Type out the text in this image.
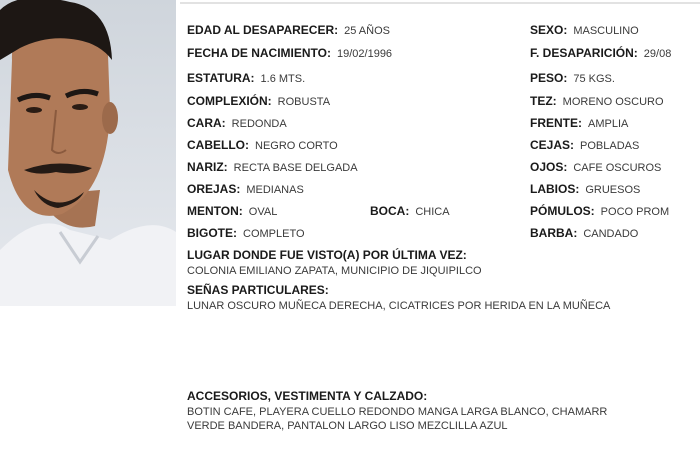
EDAD AL DESAPARECER: 25 AÑOS	SEXO: MASCULINO
FECHA DE NACIMIENTO: 19/02/1996	F. DESAPARICIÓN: 29/08
ESTATURA: 1.6 MTS.	PESO: 75 KGS.
COMPLEXIÓN: ROBUSTA	TEZ: MORENO OSCURO
CARA: REDONDA	FRENTE: AMPLIA
CABELLO: NEGRO CORTO	CEJAS: POBLADAS
NARIZ: RECTA BASE DELGADA	OJOS: CAFE OSCUROS
OREJAS: MEDIANAS	LABIOS: GRUESOS
MENTON: OVAL	BOCA: CHICA	PÓMULOS: POCO PROM
BIGOTE: COMPLETO	BARBA: CANDADO
LUGAR DONDE FUE VISTO(A) POR ÚLTIMA VEZ:
COLONIA EMILIANO ZAPATA, MUNICIPIO DE JIQUIPILCO
SEÑAS PARTICULARES:
LUNAR OSCURO MUÑECA DERECHA, CICATRICES POR HERIDA EN LA MUÑECA
ACCESORIOS, VESTIMENTA Y CALZADO:
BOTIN CAFE, PLAYERA CUELLO REDONDO MANGA LARGA BLANCO, CHAMARR
VERDE BANDERA, PANTALON LARGO LISO MEZCLILLA AZUL
